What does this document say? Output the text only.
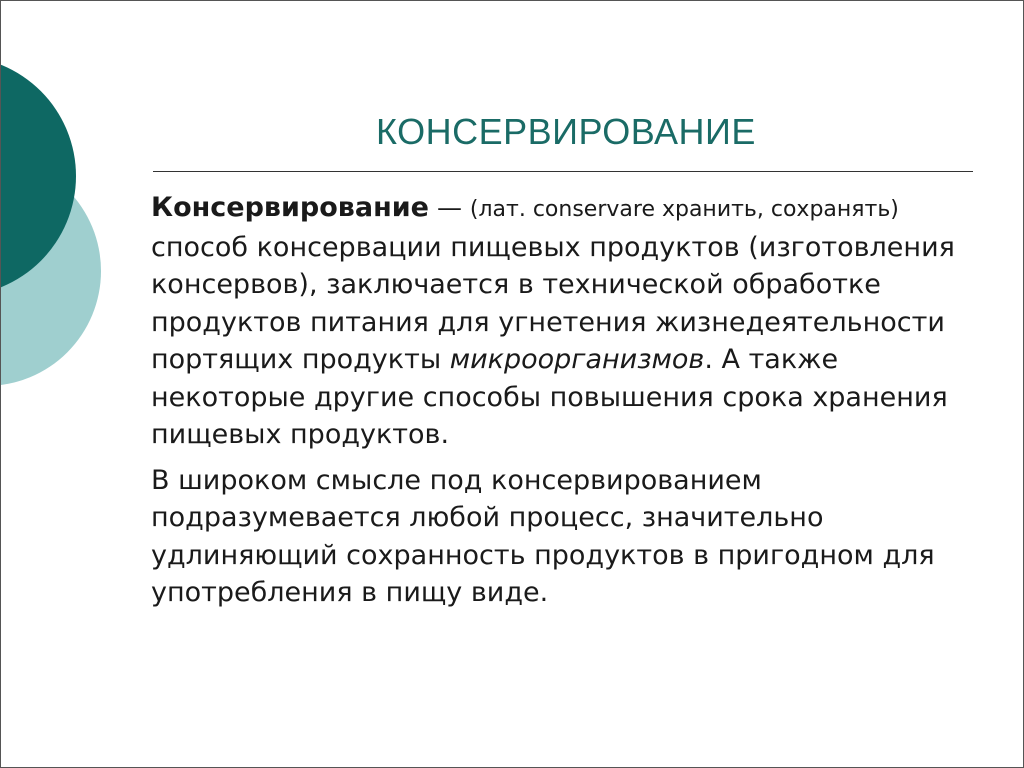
КОНСЕРВИРОВАНИЕ

Консервирование — (лат. conservare хранить, сохранять) способ консервации пищевых продуктов (изготовления консервов), заключается в технической обработке продуктов питания для угнетения жизнедеятельности портящих продукты микроорганизмов. А также некоторые другие способы повышения срока хранения пищевых продуктов.

В широком смысле под консервированием подразумевается любой процесс, значительно удлиняющий сохранность продуктов в пригодном для употребления в пищу виде.
